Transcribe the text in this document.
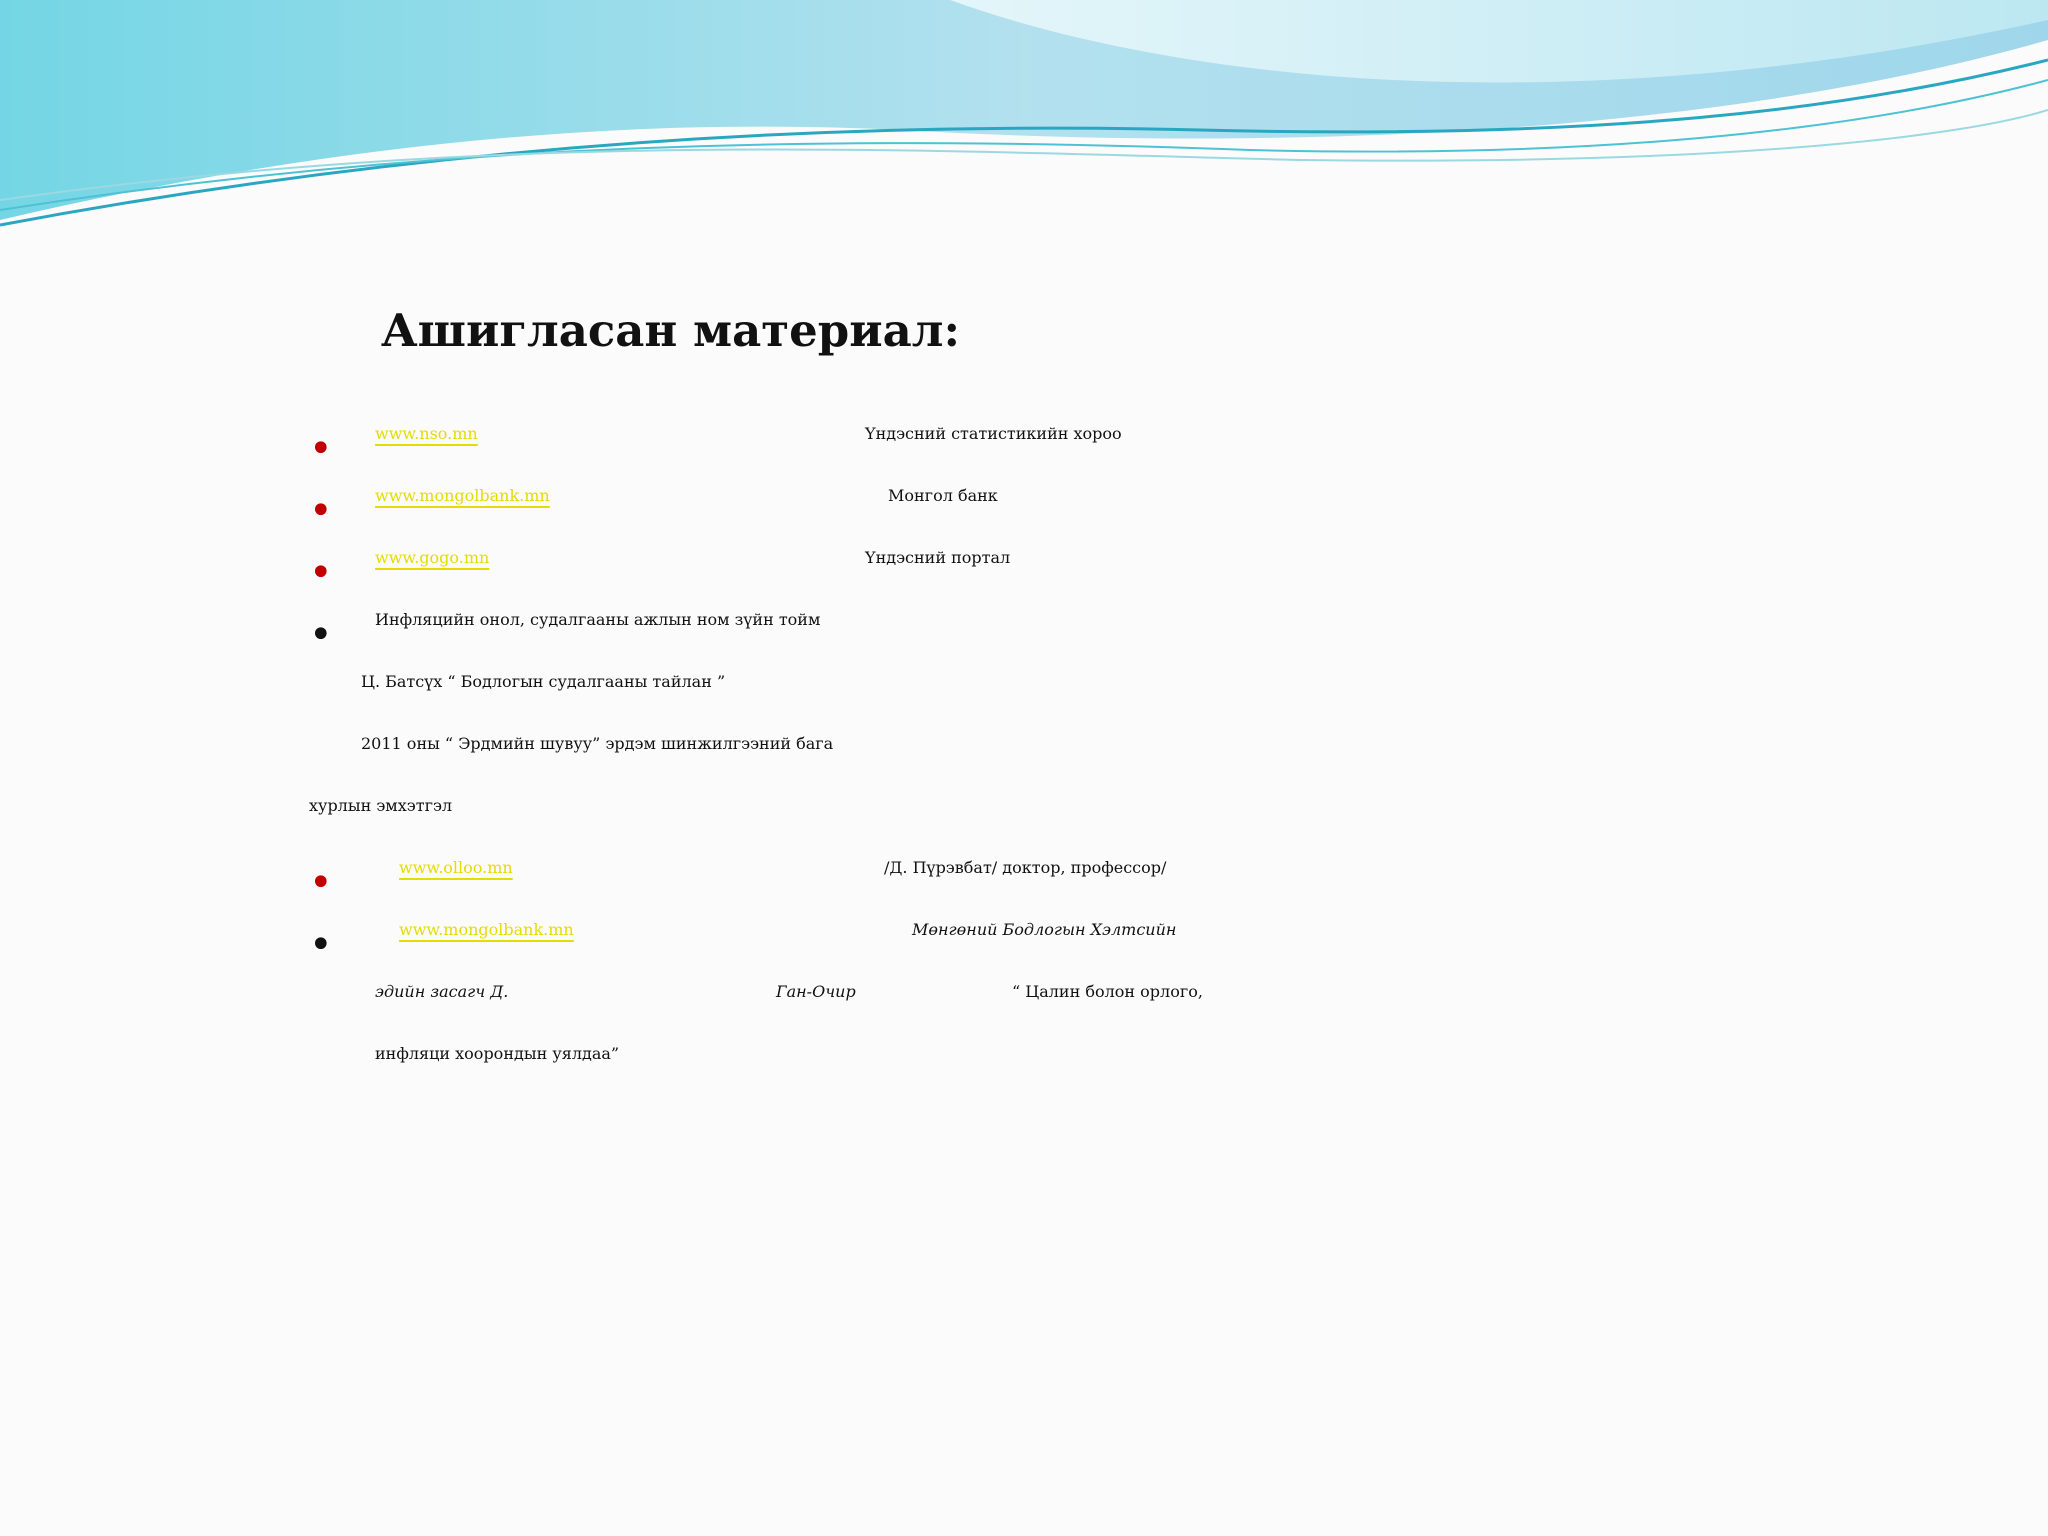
Ашигласан материал:
•	www.nso.mn	Үндэсний статистикийн хороо
•	www.mongolbank.mn	Монгол банк
•	www.gogo.mn	Үндэсний портал
•	Инфляцийн онол, судалгааны ажлын ном зүйн тойм
Ц. Батсүх “ Бодлогын судалгааны тайлан ”
2011 оны “ Эрдмийн шувуу” эрдэм шинжилгээний бага
хурлын эмхэтгэл
•	www.olloo.mn	/Д. Пүрэвбат/ доктор, профессор/
•	www.mongolbank.mn	Мөнгөний Бодлогын Хэлтсийн
эдийн засагч Д.	Ган-Очир	“ Цалин болон орлого,
инфляци хоорондын уялдаа”
